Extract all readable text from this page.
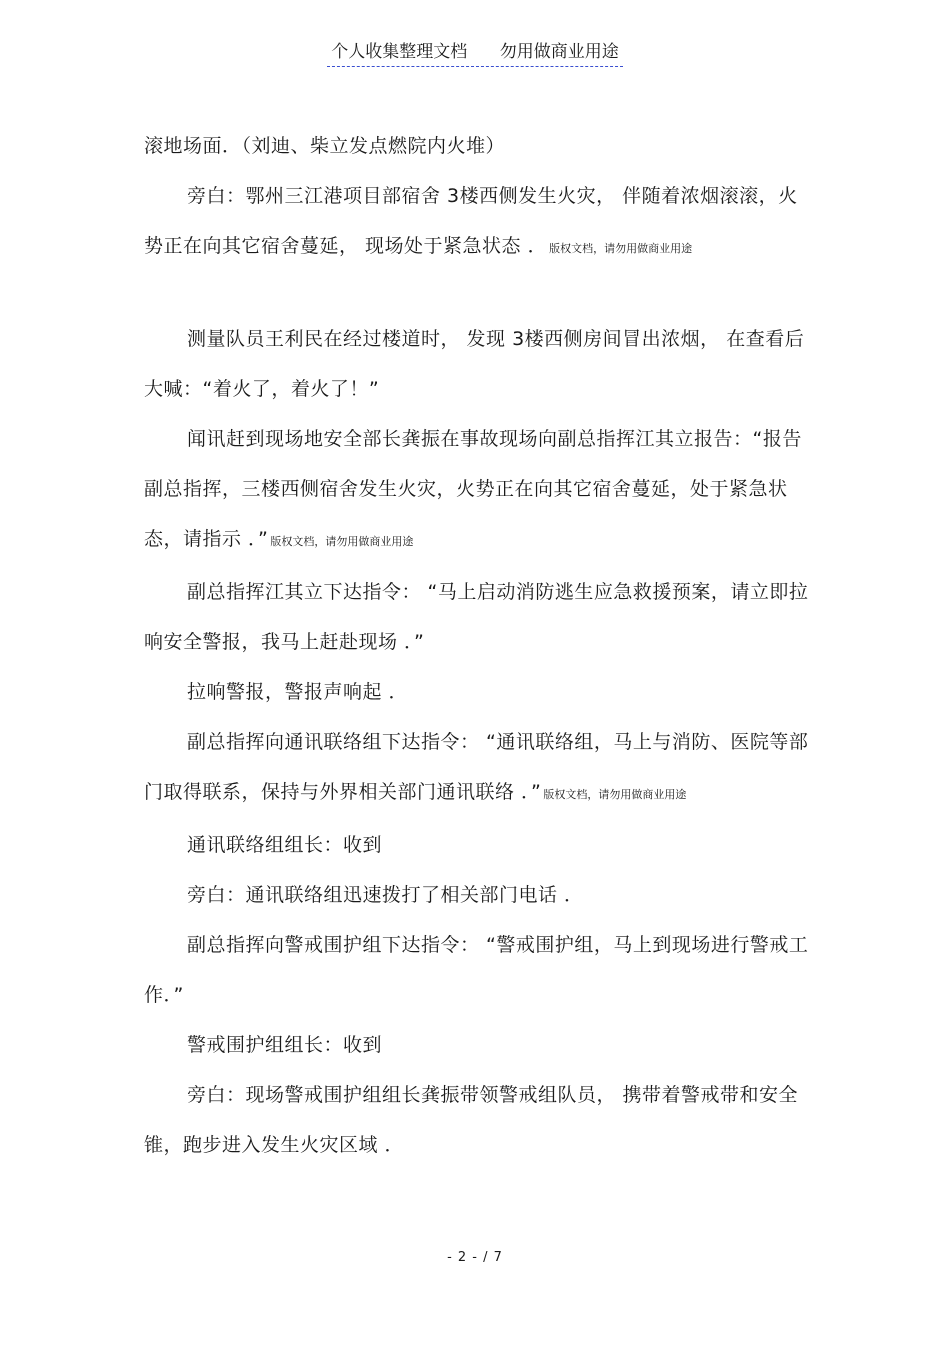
个人收集整理文档      勿用做商业用途

滚地场面．（刘迪、柴立发点燃院内火堆）

旁白：鄂州三江港项目部宿舍 3楼西侧发生火灾， 伴随着浓烟滚滚，火势正在向其它宿舍蔓延， 现场处于紧急状态 ． 版权文档，请勿用做商业用途

测量队员王利民在经过楼道时， 发现 3楼西侧房间冒出浓烟， 在查看后大喊：“着火了，着火了！”

闻讯赶到现场地安全部长龚振在事故现场向副总指挥江其立报告：“报告副总指挥，三楼西侧宿舍发生火灾，火势正在向其它宿舍蔓延，处于紧急状态，请指示 ．” 版权文档，请勿用做商业用途

副总指挥江其立下达指令： “马上启动消防逃生应急救援预案，请立即拉响安全警报，我马上赶赴现场 ．”

拉响警报，警报声响起 ．

副总指挥向通讯联络组下达指令： “通讯联络组，马上与消防、医院等部门取得联系，保持与外界相关部门通讯联络 ．” 版权文档，请勿用做商业用途

通讯联络组组长：收到

旁白：通讯联络组迅速拨打了相关部门电话 ．

副总指挥向警戒围护组下达指令： “警戒围护组，马上到现场进行警戒工作．”

警戒围护组组长：收到

旁白：现场警戒围护组组长龚振带领警戒组队员， 携带着警戒带和安全锥，跑步进入发生火灾区域 ．

- 2 - / 7
